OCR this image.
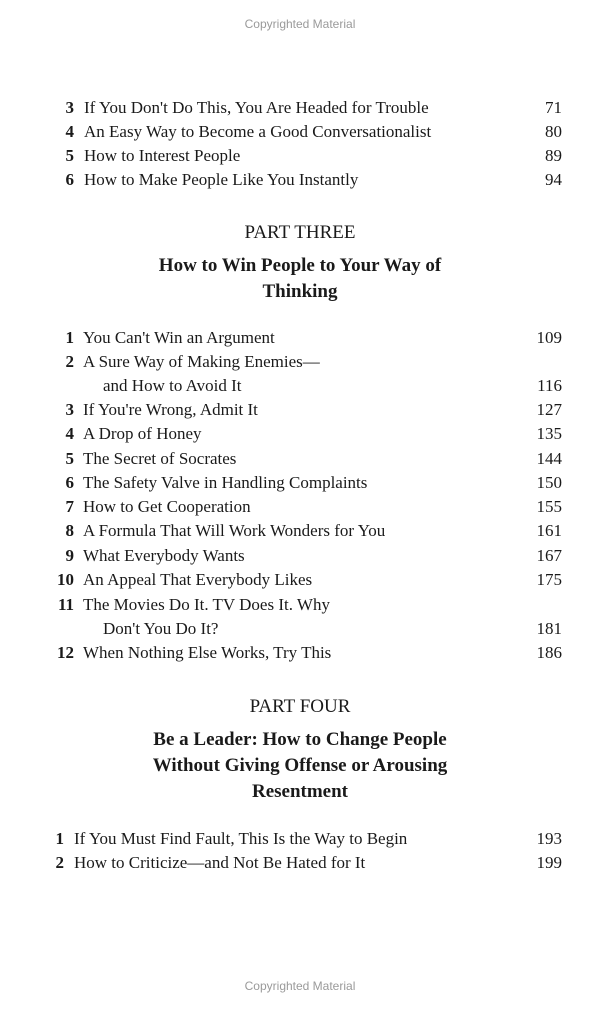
Copyrighted Material
3 If You Don't Do This, You Are Headed for Trouble	71
4 An Easy Way to Become a Good Conversationalist	80
5 How to Interest People	89
6 How to Make People Like You Instantly	94
PART THREE
How to Win People to Your Way of
Thinking
1 You Can't Win an Argument	109
2 A Sure Way of Making Enemies—
and How to Avoid It	116
3 If You're Wrong, Admit It	127
4 A Drop of Honey	135
5 The Secret of Socrates	144
6 The Safety Valve in Handling Complaints	150
7 How to Get Cooperation	155
8 A Formula That Will Work Wonders for You	161
9 What Everybody Wants	167
10 An Appeal That Everybody Likes	175
11 The Movies Do It. TV Does It. Why
Don't You Do It?	181
12 When Nothing Else Works, Try This	186
PART FOUR
Be a Leader: How to Change People
Without Giving Offense or Arousing
Resentment
1 If You Must Find Fault, This Is the Way to Begin	193
2 How to Criticize—and Not Be Hated for It	199
Copyrighted Material
